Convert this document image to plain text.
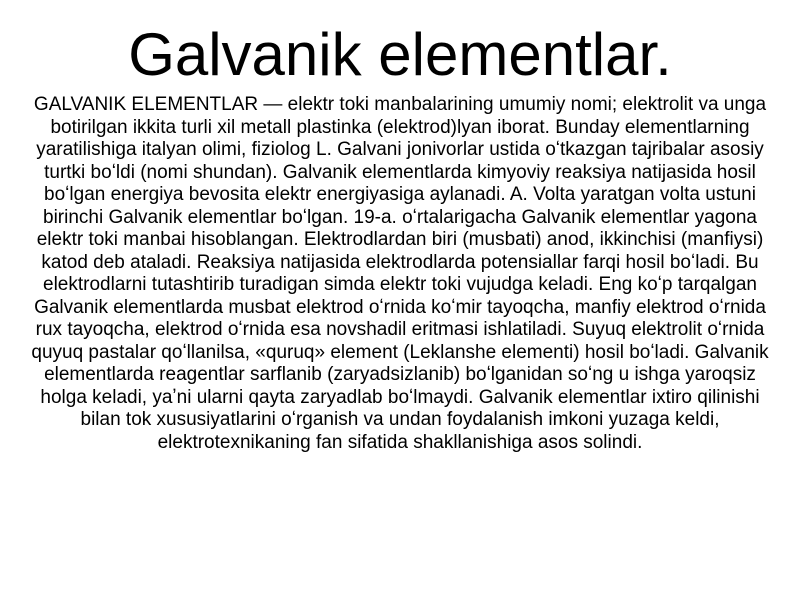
Galvanik elementlar.

GALVANIK ELEMENTLAR — elektr toki manbalarining umumiy nomi; elektrolit va unga botirilgan ikkita turli xil metall plastinka (elektrod)lyan iborat. Bunday elementlarning yaratilishiga italyan olimi, fiziolog L. Galvani jonivorlar ustida oʻtkazgan tajribalar asosiy turtki boʻldi (nomi shundan). Galvanik elementlarda kimyoviy reaksiya natijasida hosil boʻlgan energiya bevosita elektr energiyasiga aylanadi. A. Volta yaratgan volta ustuni birinchi Galvanik elementlar boʻlgan. 19-a. oʻrtalarigacha Galvanik elementlar yagona elektr toki manbai hisoblangan. Elektrodlardan biri (musbati) anod, ikkinchisi (manfiysi) katod deb ataladi. Reaksiya natijasida elektrodlarda potensiallar farqi hosil boʻladi. Bu elektrodlarni tutashtirib turadigan simda elektr toki vujudga keladi. Eng koʻp tarqalgan Galvanik elementlarda musbat elektrod oʻrnida koʻmir tayoqcha, manfiy elektrod oʻrnida rux tayoqcha, elektrod oʻrnida esa novshadil eritmasi ishlatiladi. Suyuq elektrolit oʻrnida quyuq pastalar qoʻllanilsa, «quruq» element (Leklanshe elementi) hosil boʻladi. Galvanik elementlarda reagentlar sarflanib (zaryadsizlanib) boʻlganidan soʻng u ishga yaroqsiz holga keladi, yaʼni ularni qayta zaryadlab boʻlmaydi. Galvanik elementlar ixtiro qilinishi bilan tok xususiyatlarini oʻrganish va undan foydalanish imkoni yuzaga keldi, elektrotexnikaning fan sifatida shakllanishiga asos solindi.
